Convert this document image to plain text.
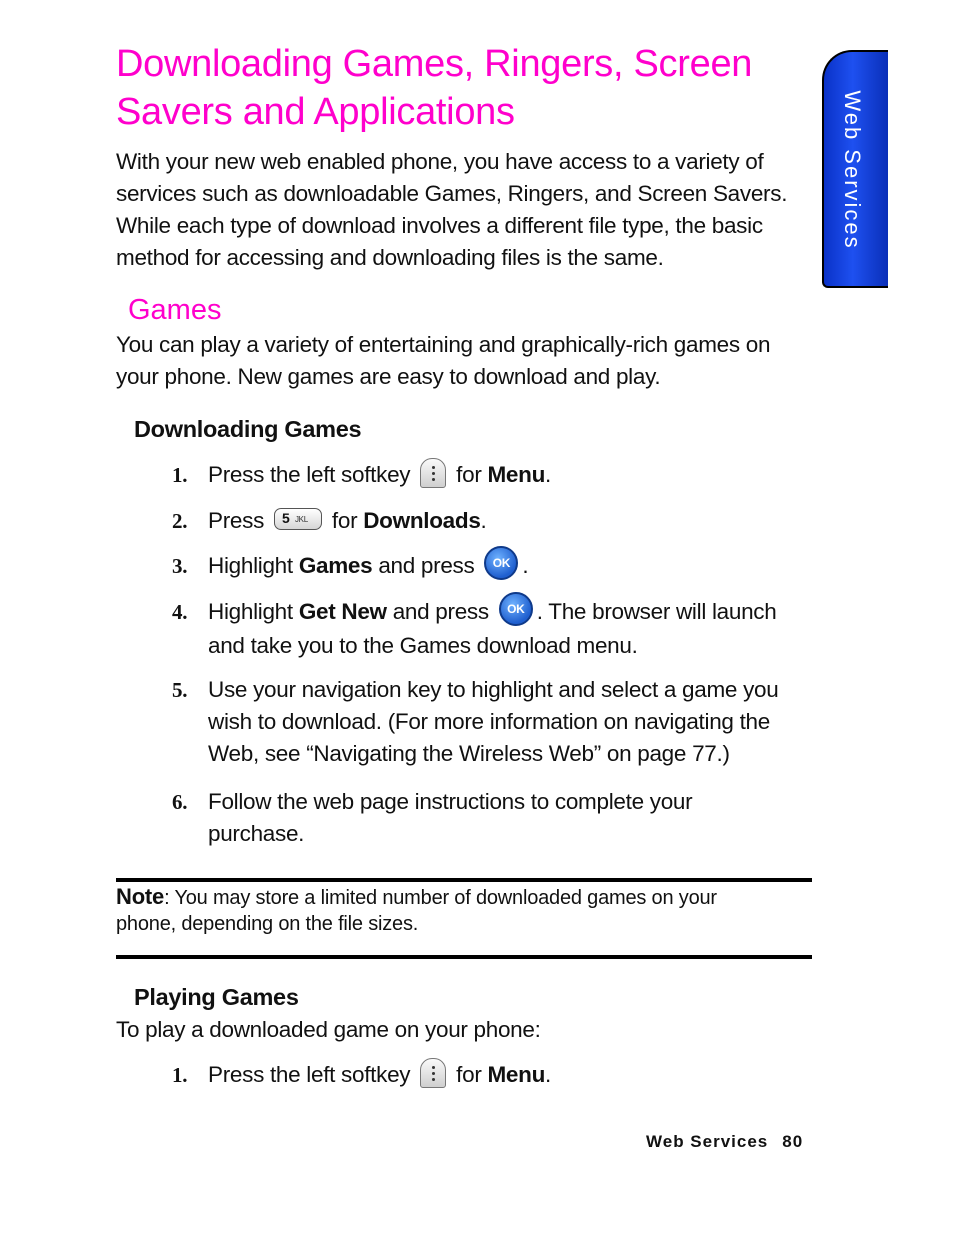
Downloading Games, Ringers, Screen
Savers and Applications
With your new web enabled phone, you have access to a variety of
services such as downloadable Games, Ringers, and Screen Savers.
While each type of download involves a different file type, the basic
method for accessing and downloading files is the same.
Games
You can play a variety of entertaining and graphically-rich games on
your phone. New games are easy to download and play.
Downloading Games
1. Press the left softkey for Menu.
2. Press 5 JKL for Downloads.
3. Highlight Games and press OK .
4. Highlight Get New and press OK . The browser will launch
and take you to the Games download menu.
5. Use your navigation key to highlight and select a game you
wish to download. (For more information on navigating the
Web, see “Navigating the Wireless Web” on page 77.)
6. Follow the web page instructions to complete your
purchase.
Note: You may store a limited number of downloaded games on your
phone, depending on the file sizes.
Playing Games
To play a downloaded game on your phone:
1. Press the left softkey for Menu.
Web Services
Web Services 80
